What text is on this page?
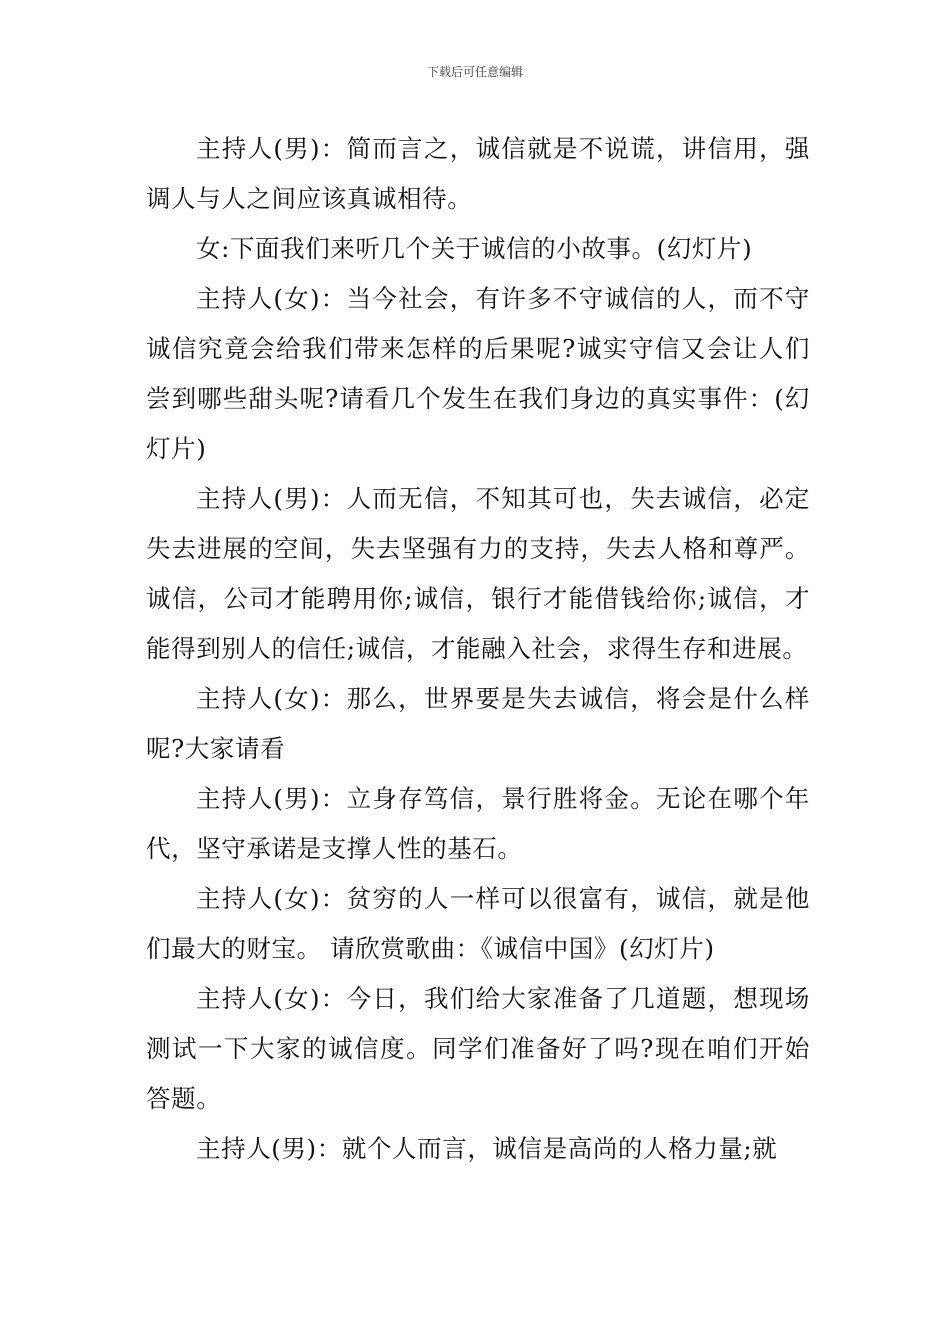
下载后可任意编辑

主持人(男)：简而言之，诚信就是不说谎，讲信用，强调人与人之间应该真诚相待。

女:下面我们来听几个关于诚信的小故事。(幻灯片)

主持人(女)：当今社会，有许多不守诚信的人，而不守诚信究竟会给我们带来怎样的后果呢?诚实守信又会让人们尝到哪些甜头呢?请看几个发生在我们身边的真实事件：(幻灯片)

主持人(男)：人而无信，不知其可也，失去诚信，必定失去进展的空间，失去坚强有力的支持，失去人格和尊严。诚信，公司才能聘用你;诚信，银行才能借钱给你;诚信，才能得到别人的信任;诚信，才能融入社会，求得生存和进展。

主持人(女)：那么，世界要是失去诚信，将会是什么样呢?大家请看

主持人(男)：立身存笃信，景行胜将金。无论在哪个年代，坚守承诺是支撑人性的基石。

主持人(女)：贫穷的人一样可以很富有，诚信，就是他们最大的财宝。 请欣赏歌曲：《诚信中国》(幻灯片)

主持人(女)：今日，我们给大家准备了几道题，想现场测试一下大家的诚信度。同学们准备好了吗?现在咱们开始答题。

主持人(男)：就个人而言，诚信是高尚的人格力量;就
